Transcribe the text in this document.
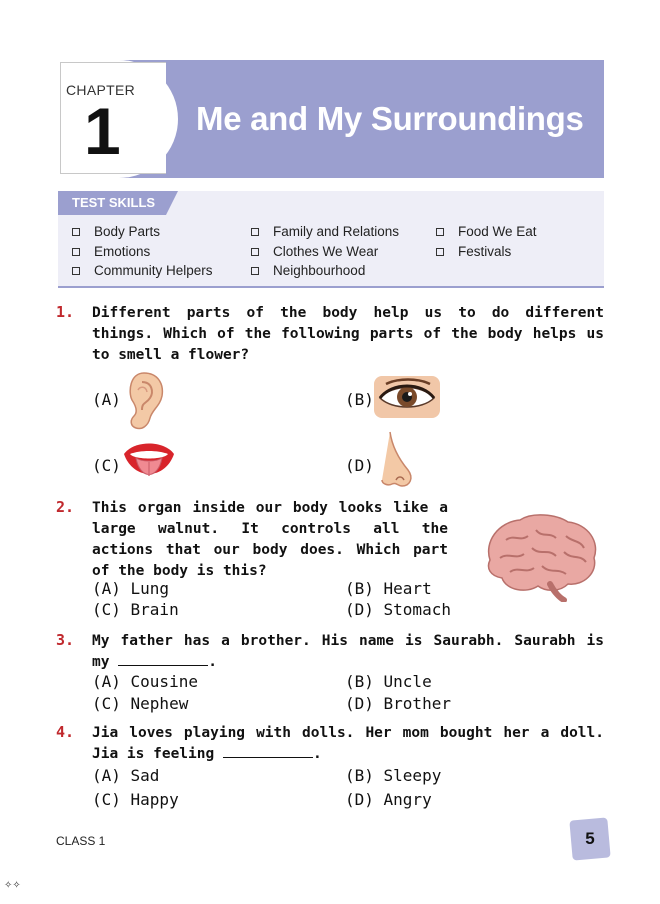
CHAPTER
1 Me and My Surroundings
TEST SKILLS
Body Parts
Emotions
Community Helpers
Family and Relations
Clothes We Wear
Neighbourhood
Food We Eat
Festivals
1. Different parts of the body help us to do different things. Which of the following parts of the body helps us to smell a flower?
(A)	(B)
(C)	(D)
2. This organ inside our body looks like a large walnut. It controls all the actions that our body does. Which part of the body is this?
(A) Lung	(B) Heart
(C) Brain	(D) Stomach
3. My father has a brother. His name is Saurabh. Saurabh is my	.
(A) Cousine	(B) Uncle
(C) Nephew	(D) Brother
4. Jia loves playing with dolls. Her mom bought her a doll. Jia is feeling	.
(A) Sad	(B) Sleepy
(C) Happy	(D) Angry
CLASS 1	5
✧✧
